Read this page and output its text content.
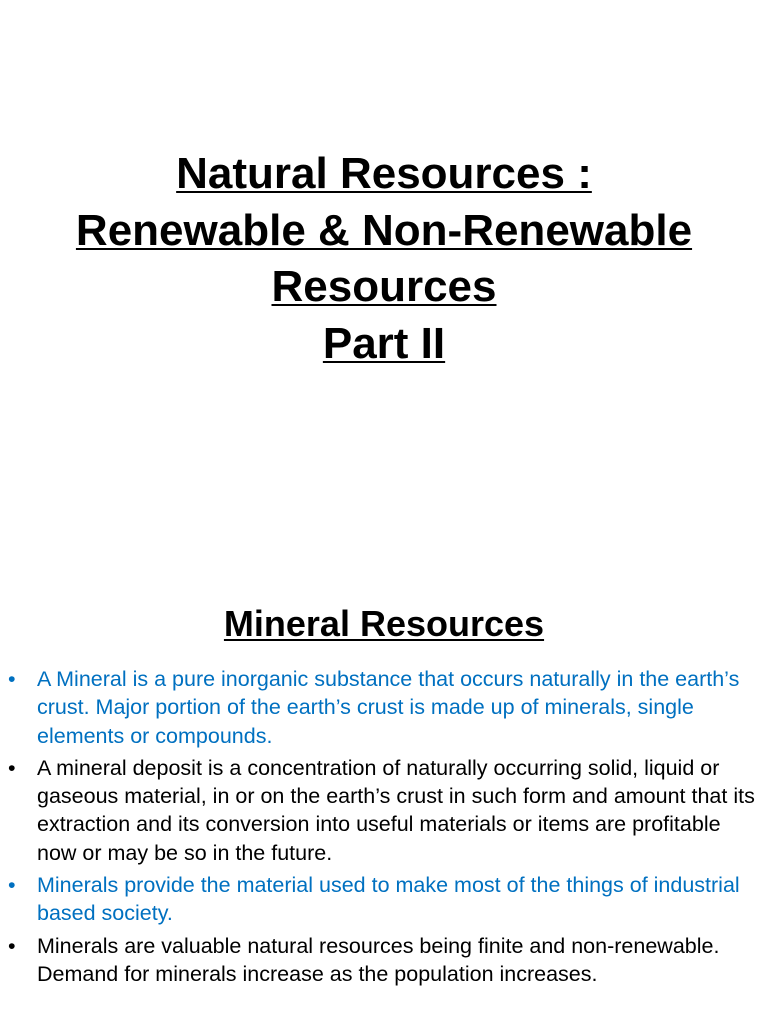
Natural Resources :
Renewable & Non-Renewable
Resources
Part II
Mineral Resources
• A Mineral is a pure inorganic substance that occurs naturally in the earth’s crust. Major portion of the earth’s crust is made up of minerals, single elements or compounds.
• A mineral deposit is a concentration of naturally occurring solid, liquid or gaseous material, in or on the earth’s crust in such form and amount that its extraction and its conversion into useful materials or items are profitable now or may be so in the future.
• Minerals provide the material used to make most of the things of industrial based society.
• Minerals are valuable natural resources being finite and non-renewable. Demand for minerals increase as the population increases.
